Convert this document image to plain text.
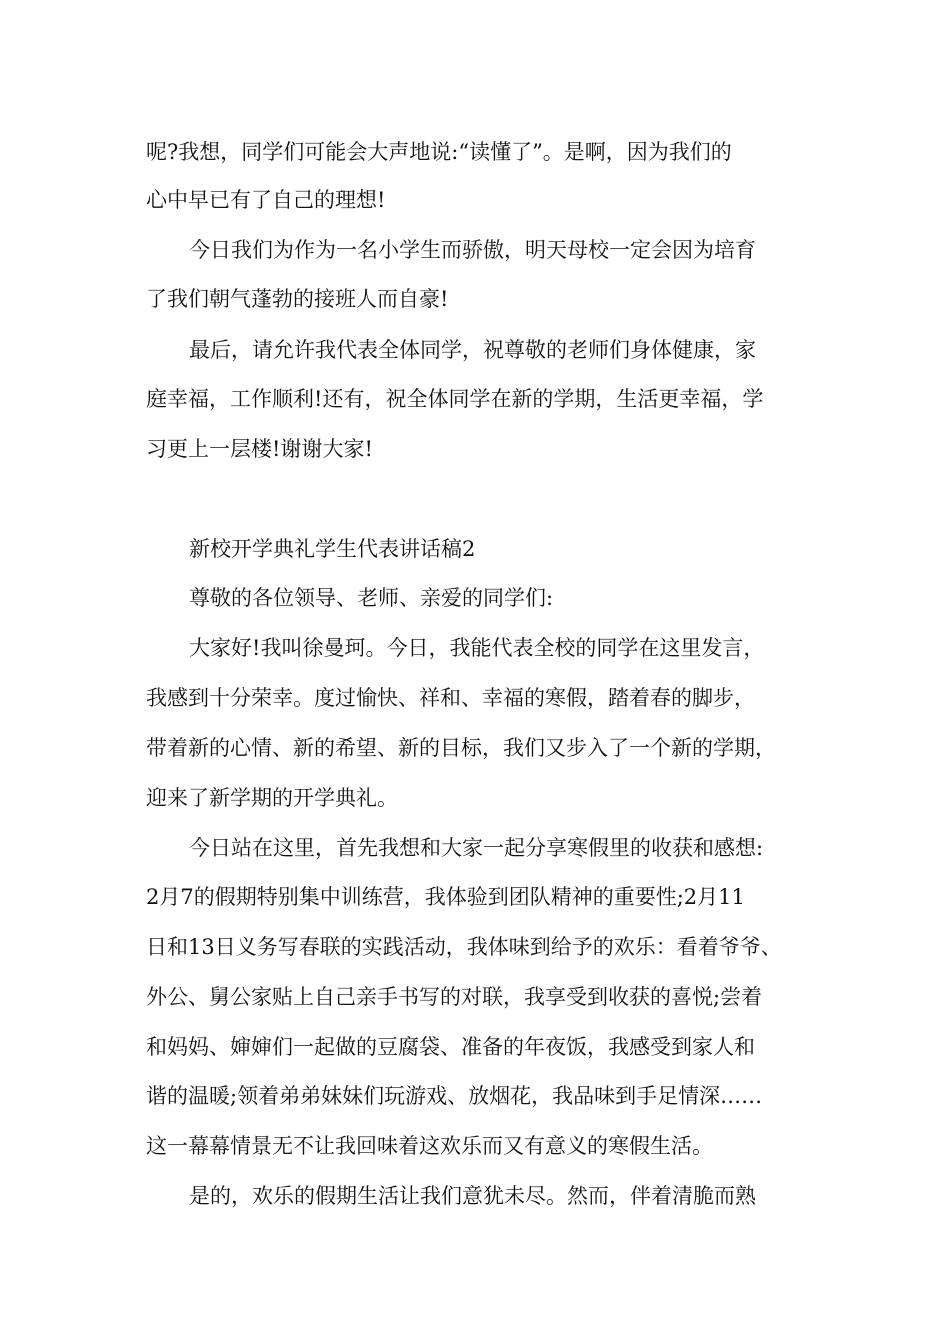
呢?我想，同学们可能会大声地说:“读懂了”。是啊，因为我们的
心中早已有了自己的理想!
今日我们为作为一名小学生而骄傲，明天母校一定会因为培育
了我们朝气蓬勃的接班人而自豪!
最后，请允许我代表全体同学，祝尊敬的老师们身体健康，家
庭幸福，工作顺利!还有，祝全体同学在新的学期，生活更幸福，学
习更上一层楼!谢谢大家!
新校开学典礼学生代表讲话稿2
尊敬的各位领导、老师、亲爱的同学们:
大家好!我叫徐曼珂。今日，我能代表全校的同学在这里发言，
我感到十分荣幸。度过愉快、祥和、幸福的寒假，踏着春的脚步，
带着新的心情、新的希望、新的目标，我们又步入了一个新的学期，
迎来了新学期的开学典礼。
今日站在这里，首先我想和大家一起分享寒假里的收获和感想:
2月7的假期特别集中训练营，我体验到团队精神的重要性;2月11
日和13日义务写春联的实践活动，我体味到给予的欢乐：看着爷爷、
外公、舅公家贴上自己亲手书写的对联，我享受到收获的喜悦;尝着
和妈妈、婶婶们一起做的豆腐袋、准备的年夜饭，我感受到家人和
谐的温暖;领着弟弟妹妹们玩游戏、放烟花，我品味到手足情深……
这一幕幕情景无不让我回味着这欢乐而又有意义的寒假生活。
是的，欢乐的假期生活让我们意犹未尽。然而，伴着清脆而熟
